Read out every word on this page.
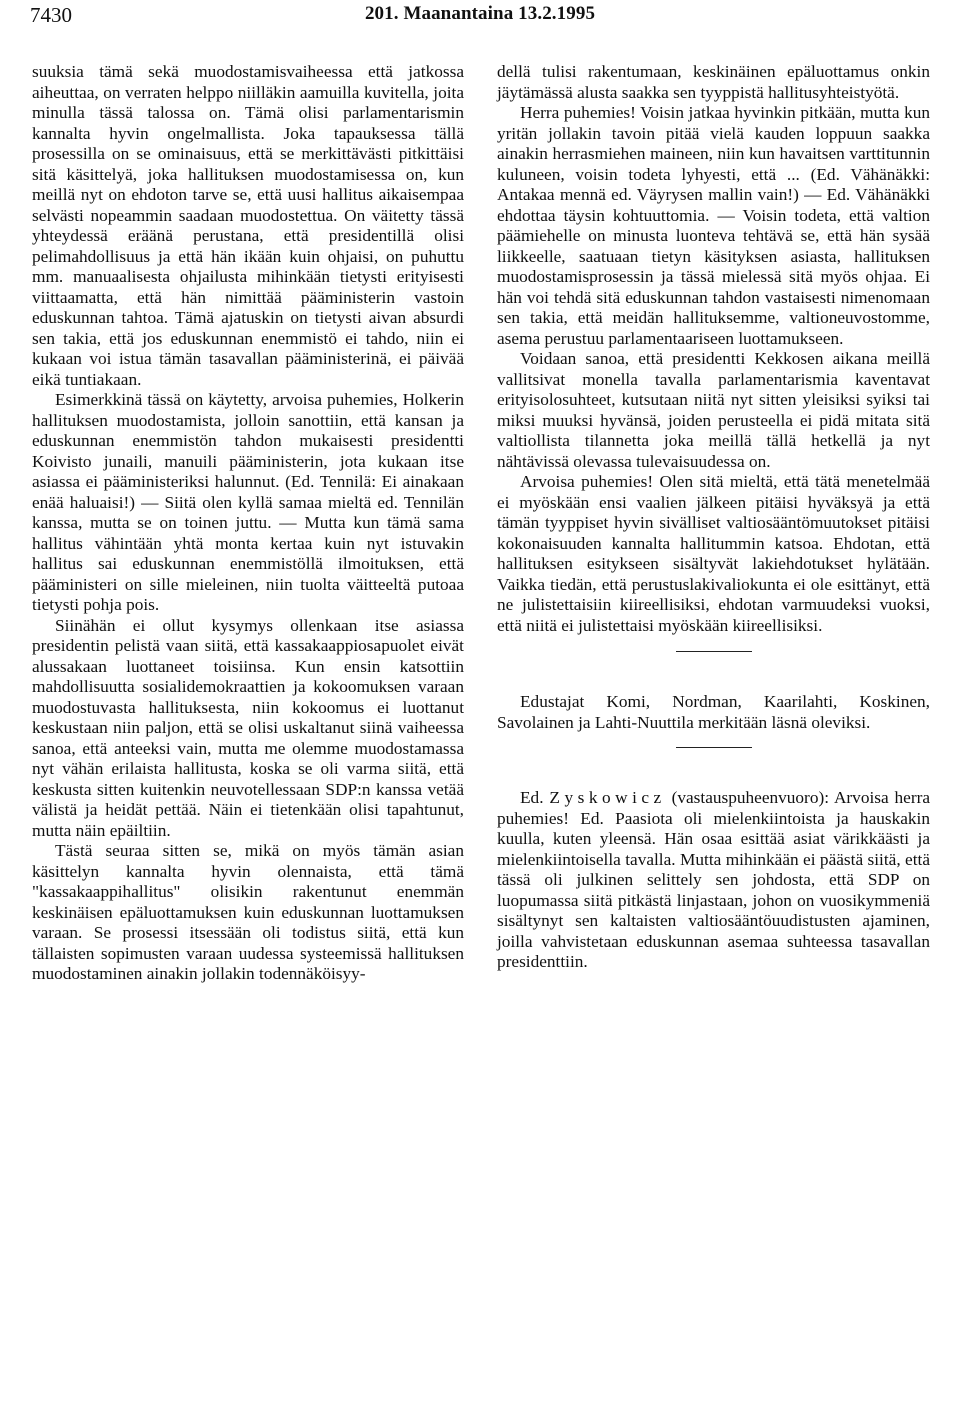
7430	201. Maanantaina 13.2.1995

suuksia tämä sekä muodostamisvaiheessa että jatkossa aiheuttaa, on verraten helppo niilläkin aamuilla kuvitella, joita minulla tässä talossa on. Tämä olisi parlamentarismin kannalta hyvin ongelmallista. Joka tapauksessa tällä prosessilla on se ominaisuus, että se merkittävästi pitkittäisi sitä käsittelyä, joka hallituksen muodostamisessa on, kun meillä nyt on ehdoton tarve se, että uusi hallitus aikaisempaa selvästi nopeammin saadaan muodostettua. On väitetty tässä yhteydessä eräänä perustana, että presidentillä olisi pelimahdollisuus ja että hän ikään kuin ohjaisi, on puhuttu mm. manuaalisesta ohjailusta mihinkään tietysti erityisesti viittaamatta, että hän nimittää pääministerin vastoin eduskunnan tahtoa. Tämä ajatuskin on tietysti aivan absurdi sen takia, että jos eduskunnan enemmistö ei tahdo, niin ei kukaan voi istua tämän tasavallan pääministerinä, ei päivää eikä tuntiakaan.

Esimerkkinä tässä on käytetty, arvoisa puhemies, Holkerin hallituksen muodostamista, jolloin sanottiin, että kansan ja eduskunnan enemmistön tahdon mukaisesti presidentti Koivisto junaili, manuili pääministerin, jota kukaan itse asiassa ei pääministeriksi halunnut. (Ed. Tennilä: Ei ainakaan enää haluaisi!) — Siitä olen kyllä samaa mieltä ed. Tennilän kanssa, mutta se on toinen juttu. — Mutta kun tämä sama hallitus vähintään yhtä monta kertaa kuin nyt istuvakin hallitus sai eduskunnan enemmistöllä ilmoituksen, että pääministeri on sille mieleinen, niin tuolta väitteeltä putoaa tietysti pohja pois.

Siinähän ei ollut kysymys ollenkaan itse asiassa presidentin pelistä vaan siitä, että kassakaappiosapuolet eivät alussakaan luottaneet toisiinsa. Kun ensin katsottiin mahdollisuutta sosialidemokraattien ja kokoomuksen varaan muodostuvasta hallituksesta, niin kokoomus ei luottanut keskustaan niin paljon, että se olisi uskaltanut siinä vaiheessa sanoa, että anteeksi vain, mutta me olemme muodostamassa nyt vähän erilaista hallitusta, koska se oli varma siitä, että keskusta sitten kuitenkin neuvotellessaan SDP:n kanssa vetää välistä ja heidät pettää. Näin ei tietenkään olisi tapahtunut, mutta näin epäiltiin.

Tästä seuraa sitten se, mikä on myös tämän asian käsittelyn kannalta hyvin olennaista, että tämä "kassakaappihallitus" olisikin rakentunut enemmän keskinäisen epäluottamuksen kuin eduskunnan luottamuksen varaan. Se prosessi itsessään oli todistus siitä, että kun tällaisten sopimusten varaan uudessa systeemissä hallituksen muodostaminen ainakin jollakin todennäköisyy-

dellä tulisi rakentumaan, keskinäinen epäluottamus onkin jäytämässä alusta saakka sen tyyppistä hallitusyhteistyötä.

Herra puhemies! Voisin jatkaa hyvinkin pitkään, mutta kun yritän jollakin tavoin pitää vielä kauden loppuun saakka ainakin herrasmiehen maineen, niin kun havaitsen varttitunnin kuluneen, voisin todeta lyhyesti, että ... (Ed. Vähänäkki: Antakaa mennä ed. Väyrysen mallin vain!) — Ed. Vähänäkki ehdottaa täysin kohtuuttomia. — Voisin todeta, että valtion päämiehelle on minusta luonteva tehtävä se, että hän sysää liikkeelle, saatuaan tietyn käsityksen asiasta, hallituksen muodostamisprosessin ja tässä mielessä sitä myös ohjaa. Ei hän voi tehdä sitä eduskunnan tahdon vastaisesti nimenomaan sen takia, että meidän hallituksemme, valtioneuvostomme, asema perustuu parlamentaariseen luottamukseen.

Voidaan sanoa, että presidentti Kekkosen aikana meillä vallitsivat monella tavalla parlamentarismia kaventavat erityisolosuhteet, kutsutaan niitä nyt sitten yleisiksi syiksi tai miksi muuksi hyvänsä, joiden perusteella ei pidä mitata sitä valtiollista tilannetta joka meillä tällä hetkellä ja nyt nähtävissä olevassa tulevaisuudessa on.

Arvoisa puhemies! Olen sitä mieltä, että tätä menetelmää ei myöskään ensi vaalien jälkeen pitäisi hyväksyä ja että tämän tyyppiset hyvin sivälliset valtiosääntömuutokset pitäisi kokonaisuuden kannalta hallitummin katsoa. Ehdotan, että hallituksen esitykseen sisältyvät lakiehdotukset hylätään. Vaikka tiedän, että perustuslakivaliokunta ei ole esittänyt, että ne julistettaisiin kiireellisiksi, ehdotan varmuudeksi vuoksi, että niitä ei julistettaisi myöskään kiireellisiksi.

Edustajat Komi, Nordman, Kaarilahti, Koskinen, Savolainen ja Lahti-Nuuttila merkitään läsnä oleviksi.

Ed. Zyskowicz (vastauspuheenvuoro): Arvoisa herra puhemies! Ed. Paasiota oli mielenkiintoista ja hauskakin kuulla, kuten yleensä. Hän osaa esittää asiat värikkäästi ja mielenkiintoisella tavalla. Mutta mihinkään ei päästä siitä, että tässä oli julkinen selittely sen johdosta, että SDP on luopumassa siitä pitkästä linjastaan, johon on vuosikymmeniä sisältynyt sen kaltaisten valtiosääntöuudistusten ajaminen, joilla vahvistetaan eduskunnan asemaa suhteessa tasavallan presidenttiin.
